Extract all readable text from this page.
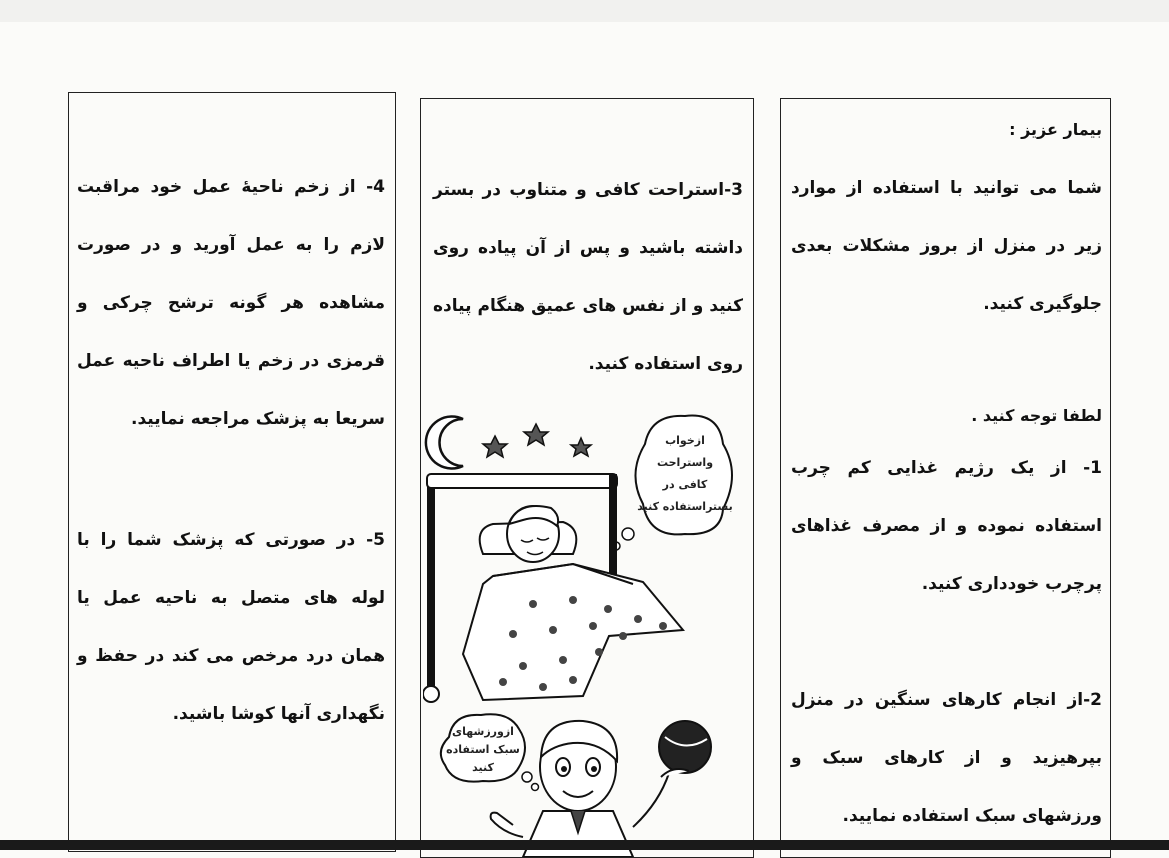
4- از زخم ناحیۀ عمل خود مراقبت لازم را به عمل آورید و در صورت مشاهده هر گونه ترشح چرکی و قرمزی در زخم یا اطراف ناحیه عمل سریعا به پزشک مراجعه نمایید.
5- در صورتی که پزشک شما را با لوله های متصل به ناحیه عمل یا همان درد مرخص می کند در حفظ و نگهداری آنها کوشا باشید.
3-استراحت کافی و متناوب در بستر داشته باشید و پس از آن پیاده روی کنید و از نفس های عمیق هنگام پیاده روی استفاده کنید.
ازخواب
واستراحت
کافی در
بستراستفاده کنید
ازورزشهای
سبک استفاده
کنید
بیمار عزیز :
شما می توانید با استفاده از موارد زیر در منزل از بروز مشکلات بعدی جلوگیری کنید.
لطفا توجه کنید .
1- از یک رژیم غذایی کم چرب استفاده نموده و از مصرف غذاهای پرچرب خودداری کنید.
2-از انجام کارهای سنگین در منزل بپرهیزید و از کارهای سبک و ورزشهای سبک استفاده نمایید.
